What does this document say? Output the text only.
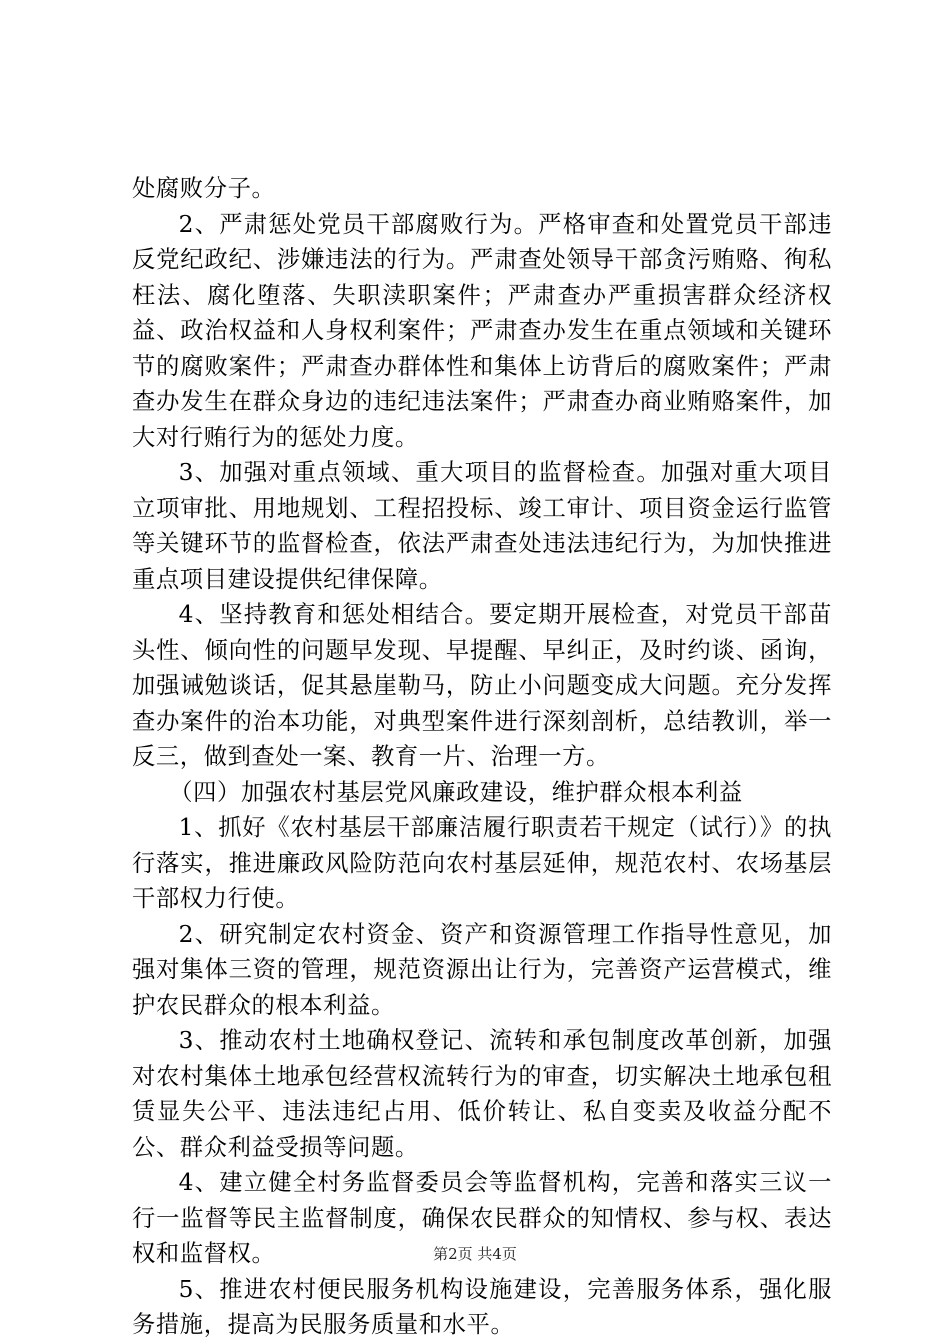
处腐败分子。

2、严肃惩处党员干部腐败行为。严格审查和处置党员干部违反党纪政纪、涉嫌违法的行为。严肃查处领导干部贪污贿赂、徇私枉法、腐化堕落、失职渎职案件；严肃查办严重损害群众经济权益、政治权益和人身权利案件；严肃查办发生在重点领域和关键环节的腐败案件；严肃查办群体性和集体上访背后的腐败案件；严肃查办发生在群众身边的违纪违法案件；严肃查办商业贿赂案件，加大对行贿行为的惩处力度。

3、加强对重点领域、重大项目的监督检查。加强对重大项目立项审批、用地规划、工程招投标、竣工审计、项目资金运行监管等关键环节的监督检查，依法严肃查处违法违纪行为，为加快推进重点项目建设提供纪律保障。

4、坚持教育和惩处相结合。要定期开展检查，对党员干部苗头性、倾向性的问题早发现、早提醒、早纠正，及时约谈、函询，加强诫勉谈话，促其悬崖勒马，防止小问题变成大问题。充分发挥查办案件的治本功能，对典型案件进行深刻剖析，总结教训，举一反三，做到查处一案、教育一片、治理一方。

（四）加强农村基层党风廉政建设，维护群众根本利益

1、抓好《农村基层干部廉洁履行职责若干规定（试行）》的执行落实，推进廉政风险防范向农村基层延伸，规范农村、农场基层干部权力行使。

2、研究制定农村资金、资产和资源管理工作指导性意见，加强对集体三资的管理，规范资源出让行为，完善资产运营模式，维护农民群众的根本利益。

3、推动农村土地确权登记、流转和承包制度改革创新，加强对农村集体土地承包经营权流转行为的审查，切实解决土地承包租赁显失公平、违法违纪占用、低价转让、私自变卖及收益分配不公、群众利益受损等问题。

4、建立健全村务监督委员会等监督机构，完善和落实三议一行一监督等民主监督制度，确保农民群众的知情权、参与权、表达权和监督权。

5、推进农村便民服务机构设施建设，完善服务体系，强化服务措施，提高为民服务质量和水平。

第2页 共4页
